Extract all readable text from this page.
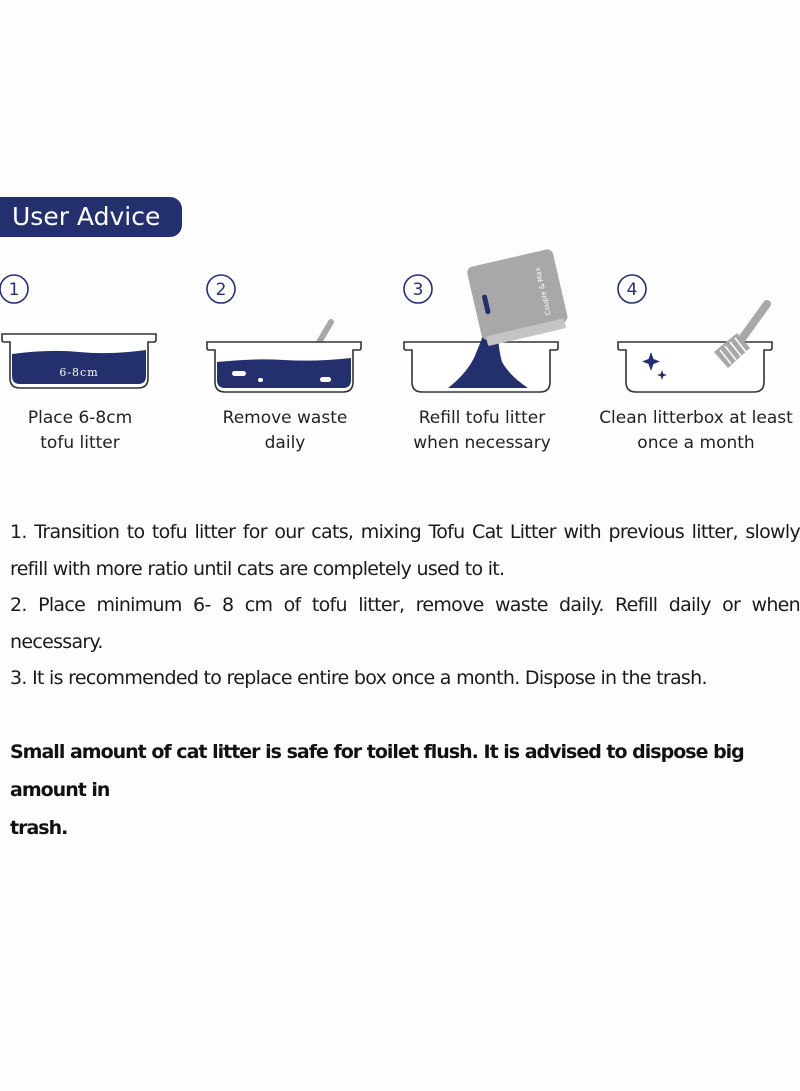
User Advice
1
6-8cm
Place 6-8cm
tofu litter
2
Remove waste
daily
3	Couple & Max
Refill tofu litter
when necessary
4
Clean litterbox at least
once a month

1. Transition to tofu litter for our cats, mixing Tofu Cat Litter with previous litter, slowly

refill with more ratio until cats are completely used to it.

2. Place minimum 6- 8 cm of tofu litter, remove waste daily. Refill daily or when

necessary.

3. It is recommended to replace entire box once a month. Dispose in the trash.

Small amount of cat litter is safe for toilet flush. It is advised to dispose big amount in

trash.
